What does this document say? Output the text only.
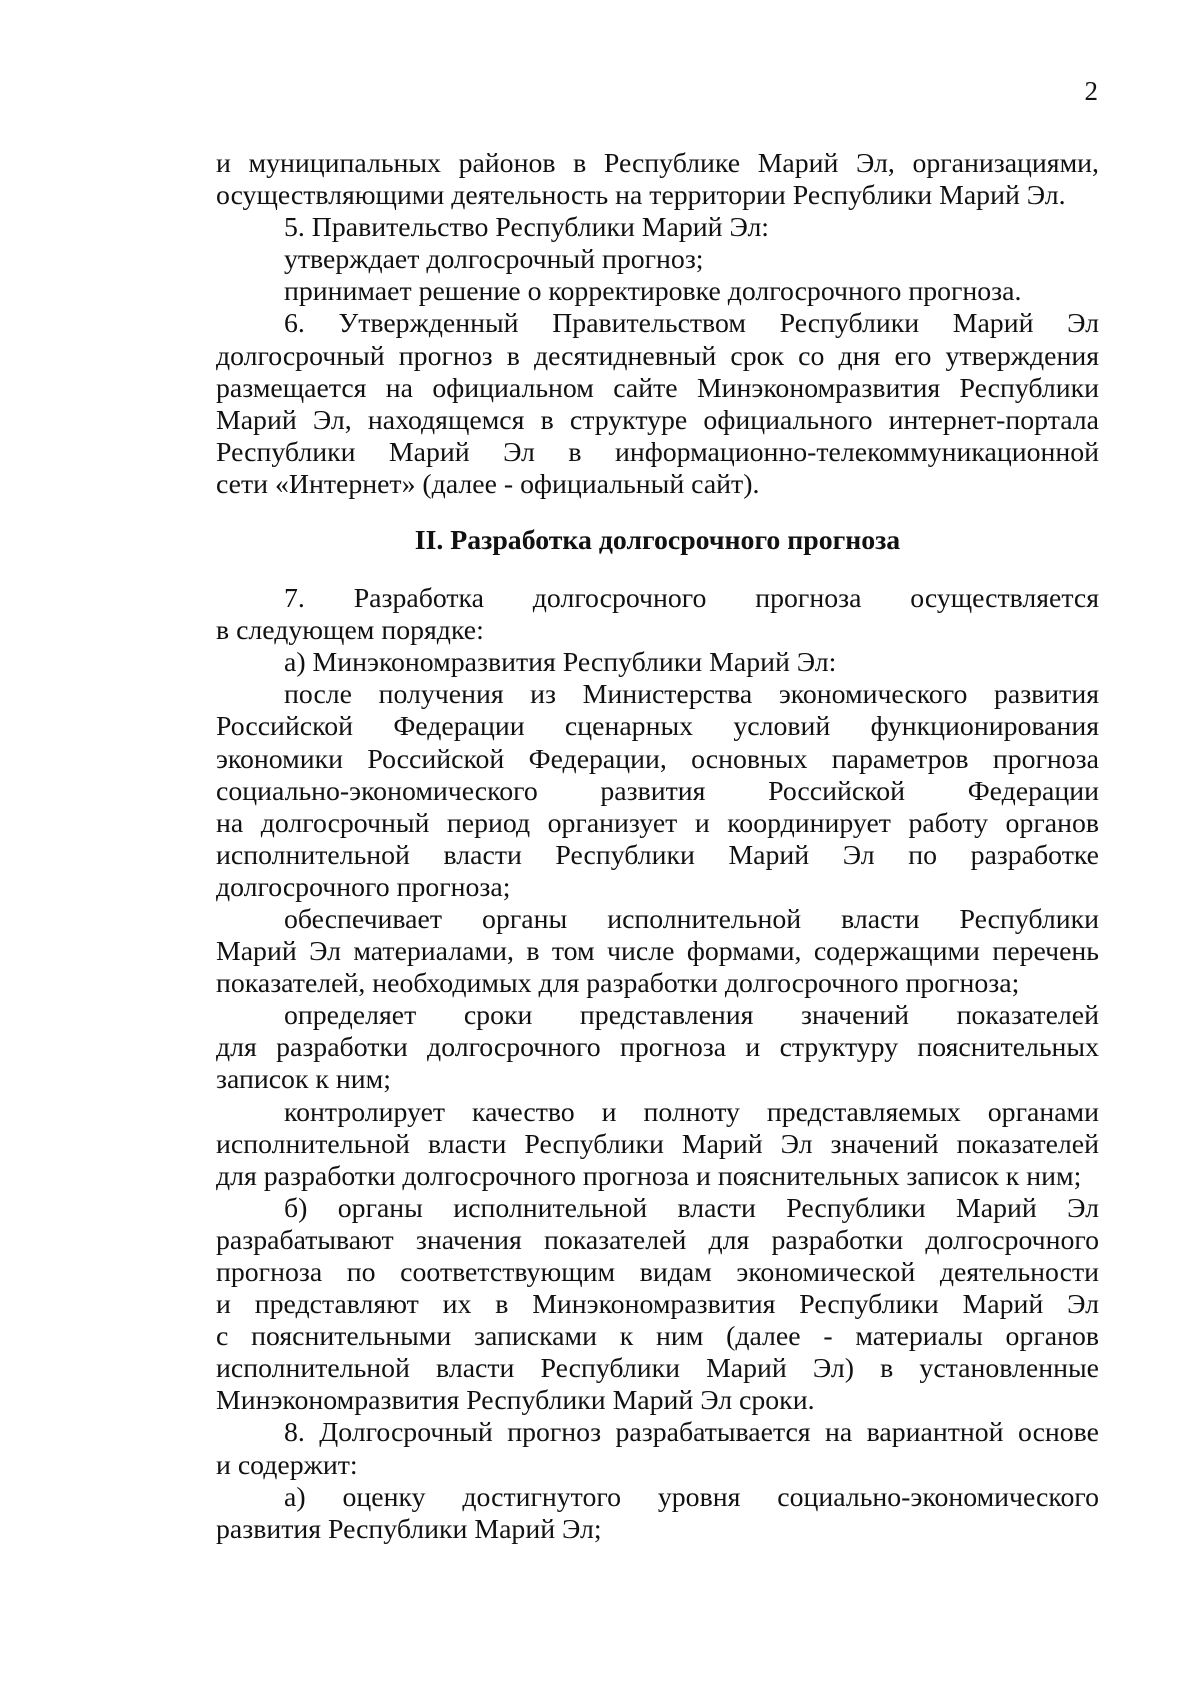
2
и муниципальных районов в Республике Марий Эл, организациями,
осуществляющими деятельность на территории Республики Марий Эл.
5. Правительство Республики Марий Эл:
утверждает долгосрочный прогноз;
принимает решение о корректировке долгосрочного прогноза.
6. Утвержденный Правительством Республики Марий Эл
долгосрочный прогноз в десятидневный срок со дня его утверждения
размещается на официальном сайте Минэкономразвития Республики
Марий Эл, находящемся в структуре официального интернет-портала
Республики Марий Эл в информационно-телекоммуникационной
сети «Интернет» (далее - официальный сайт).
II. Разработка долгосрочного прогноза
7. Разработка долгосрочного прогноза осуществляется
в следующем порядке:
а) Минэкономразвития Республики Марий Эл:
после получения из Министерства экономического развития
Российской Федерации сценарных условий функционирования
экономики Российской Федерации, основных параметров прогноза
социально-экономического развития Российской Федерации
на долгосрочный период организует и координирует работу органов
исполнительной власти Республики Марий Эл по разработке
долгосрочного прогноза;
обеспечивает органы исполнительной власти Республики
Марий Эл материалами, в том числе формами, содержащими перечень
показателей, необходимых для разработки долгосрочного прогноза;
определяет сроки представления значений показателей
для разработки долгосрочного прогноза и структуру пояснительных
записок к ним;
контролирует качество и полноту представляемых органами
исполнительной власти Республики Марий Эл значений показателей
для разработки долгосрочного прогноза и пояснительных записок к ним;
б) органы исполнительной власти Республики Марий Эл
разрабатывают значения показателей для разработки долгосрочного
прогноза по соответствующим видам экономической деятельности
и представляют их в Минэкономразвития Республики Марий Эл
с пояснительными записками к ним (далее - материалы органов
исполнительной власти Республики Марий Эл) в установленные
Минэкономразвития Республики Марий Эл сроки.
8. Долгосрочный прогноз разрабатывается на вариантной основе
и содержит:
а) оценку достигнутого уровня социально-экономического
развития Республики Марий Эл;
